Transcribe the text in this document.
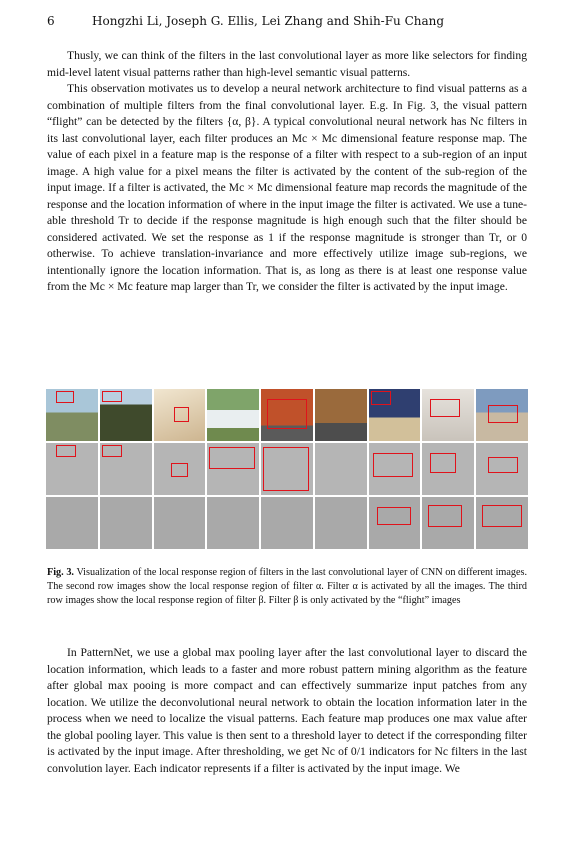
6	Hongzhi Li, Joseph G. Ellis, Lei Zhang and Shih-Fu Chang

Thusly, we can think of the filters in the last convolutional layer as more like selectors for finding mid-level latent visual patterns rather than high-level semantic visual patterns.

This observation motivates us to develop a neural network architecture to find visual patterns as a combination of multiple filters from the final convolutional layer. E.g. In Fig. 3, the visual pattern “flight” can be detected by the filters {α, β}. A typical convolutional neural network has Nc filters in its last convolutional layer, each filter produces an Mc × Mc dimensional feature response map. The value of each pixel in a feature map is the response of a filter with respect to a sub-region of an input image. A high value for a pixel means the filter is activated by the content of the sub-region of the input image. If a filter is activated, the Mc × Mc dimensional feature map records the magnitude of the response and the location information of where in the input image the filter is activated. We use a tune-able threshold Tr to decide if the response magnitude is high enough such that the filter should be considered activated. We set the response as 1 if the response magnitude is stronger than Tr, or 0 otherwise. To achieve translation-invariance and more effectively utilize image sub-regions, we intentionally ignore the location information. That is, as long as there is at least one response value from the Mc × Mc feature map larger than Tr, we consider the filter is activated by the input image.

Fig. 3. Visualization of the local response region of filters in the last convolutional layer of CNN on different images. The second row images show the local response region of filter α. Filter α is activated by all the images. The third row images show the local response region of filter β. Filter β is only activated by the “flight” images

In PatternNet, we use a global max pooling layer after the last convolutional layer to discard the location information, which leads to a faster and more robust pattern mining algorithm as the feature after global max pooing is more compact and can effectively summarize input patches from any location. We utilize the deconvolutional neural network to obtain the location information later in the process when we need to localize the visual patterns. Each feature map produces one max value after the global pooling layer. This value is then sent to a threshold layer to detect if the corresponding filter is activated by the input image. After thresholding, we get Nc of 0/1 indicators for Nc filters in the last convolution layer. Each indicator represents if a filter is activated by the input image. We
